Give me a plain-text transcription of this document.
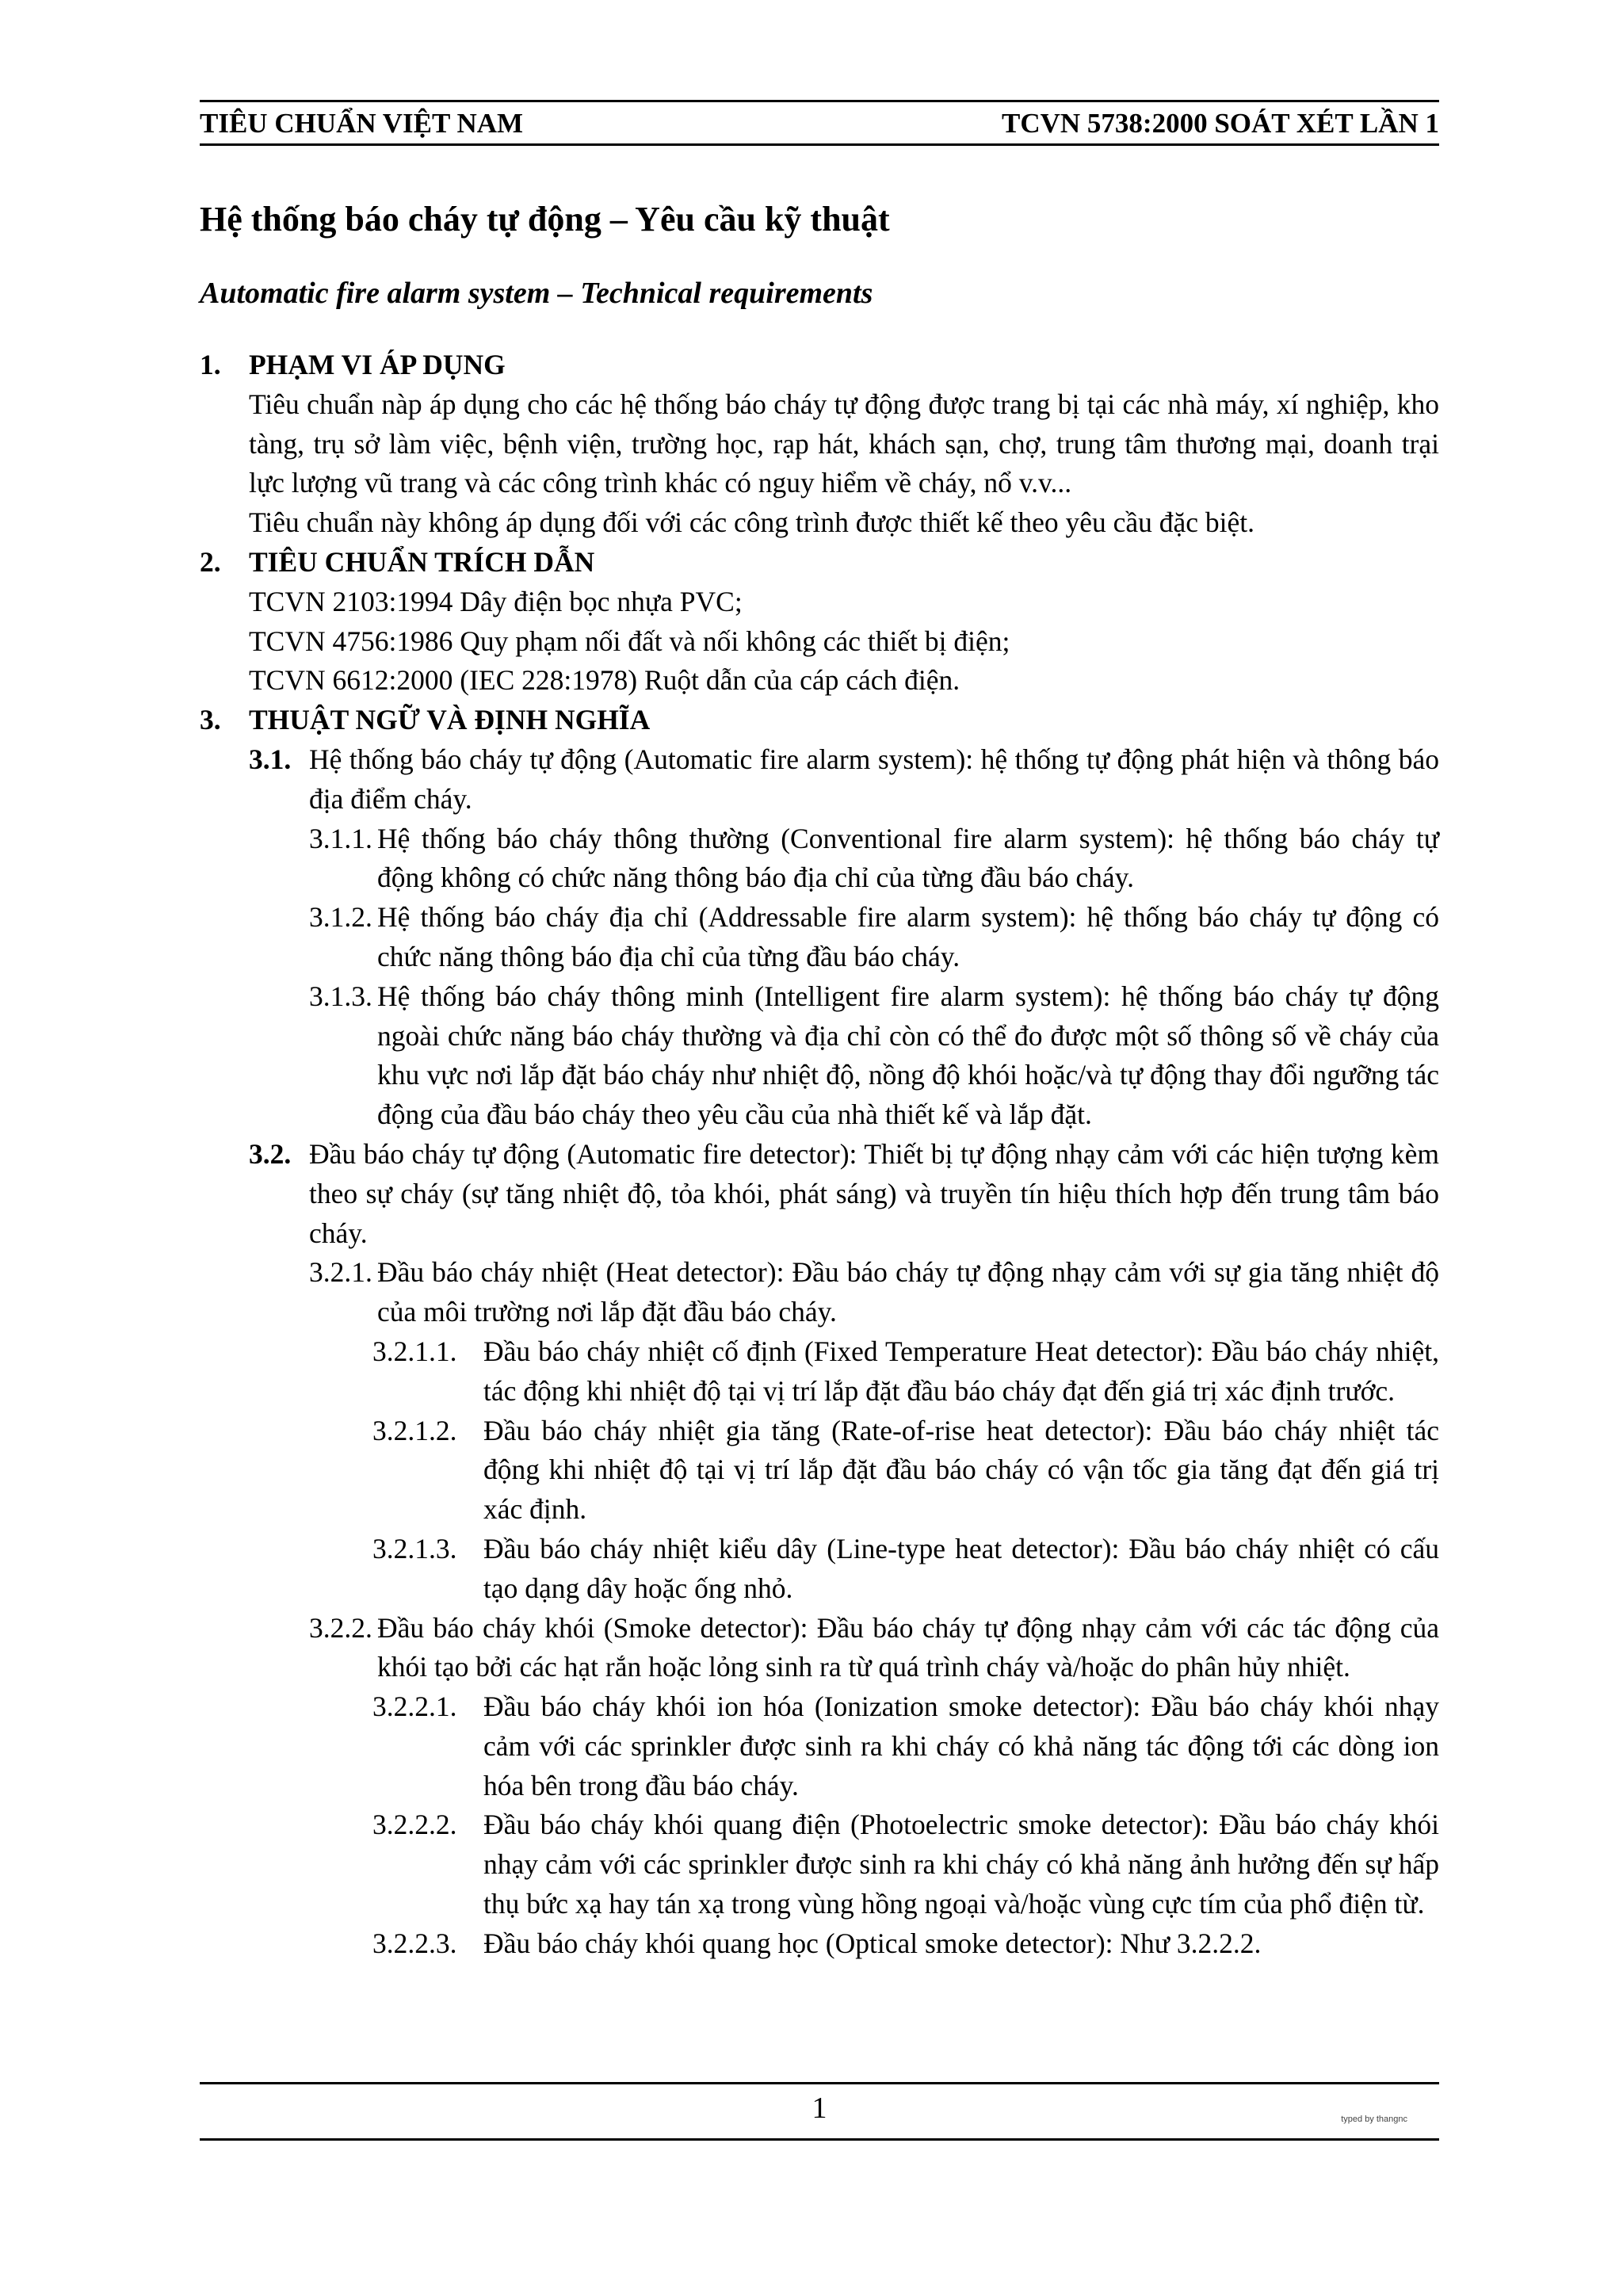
TIÊU CHUẨN VIỆT NAM	TCVN 5738:2000 SOÁT XÉT LẦN 1
Hệ thống báo cháy tự động – Yêu cầu kỹ thuật
Automatic fire alarm system – Technical requirements
1. PHẠM VI ÁP DỤNG
Tiêu chuẩn nàp áp dụng cho các hệ thống báo cháy tự động được trang bị tại các nhà máy, xí nghiệp, kho tàng, trụ sở làm việc, bệnh viện, trường học, rạp hát, khách sạn, chợ, trung tâm thương mại, doanh trại lực lượng vũ trang và các công trình khác có nguy hiểm về cháy, nổ v.v...
Tiêu chuẩn này không áp dụng đối với các công trình được thiết kế theo yêu cầu đặc biệt.
2. TIÊU CHUẨN TRÍCH DẪN
TCVN 2103:1994 Dây điện bọc nhựa PVC;
TCVN 4756:1986 Quy phạm nối đất và nối không các thiết bị điện;
TCVN 6612:2000 (IEC 228:1978) Ruột dẫn của cáp cách điện.
3. THUẬT NGỮ VÀ ĐỊNH NGHĨA
3.1. Hệ thống báo cháy tự động (Automatic fire alarm system): hệ thống tự động phát hiện và thông báo địa điểm cháy.
3.1.1. Hệ thống báo cháy thông thường (Conventional fire alarm system): hệ thống báo cháy tự động không có chức năng thông báo địa chỉ của từng đầu báo cháy.
3.1.2. Hệ thống báo cháy địa chỉ (Addressable fire alarm system): hệ thống báo cháy tự động có chức năng thông báo địa chỉ của từng đầu báo cháy.
3.1.3. Hệ thống báo cháy thông minh (Intelligent fire alarm system): hệ thống báo cháy tự động ngoài chức năng báo cháy thường và địa chỉ còn có thể đo được một số thông số về cháy của khu vực nơi lắp đặt báo cháy như nhiệt độ, nồng độ khói hoặc/và tự động thay đổi ngưỡng tác động của đầu báo cháy theo yêu cầu của nhà thiết kế và lắp đặt.
3.2. Đầu báo cháy tự động (Automatic fire detector): Thiết bị tự động nhạy cảm với các hiện tượng kèm theo sự cháy (sự tăng nhiệt độ, tỏa khói, phát sáng) và truyền tín hiệu thích hợp đến trung tâm báo cháy.
3.2.1. Đầu báo cháy nhiệt (Heat detector): Đầu báo cháy tự động nhạy cảm với sự gia tăng nhiệt độ của môi trường nơi lắp đặt đầu báo cháy.
3.2.1.1. Đầu báo cháy nhiệt cố định (Fixed Temperature Heat detector): Đầu báo cháy nhiệt, tác động khi nhiệt độ tại vị trí lắp đặt đầu báo cháy đạt đến giá trị xác định trước.
3.2.1.2. Đầu báo cháy nhiệt gia tăng (Rate-of-rise heat detector): Đầu báo cháy nhiệt tác động khi nhiệt độ tại vị trí lắp đặt đầu báo cháy có vận tốc gia tăng đạt đến giá trị xác định.
3.2.1.3. Đầu báo cháy nhiệt kiểu dây (Line-type heat detector): Đầu báo cháy nhiệt có cấu tạo dạng dây hoặc ống nhỏ.
3.2.2. Đầu báo cháy khói (Smoke detector): Đầu báo cháy tự động nhạy cảm với các tác động của khói tạo bởi các hạt rắn hoặc lỏng sinh ra từ quá trình cháy và/hoặc do phân hủy nhiệt.
3.2.2.1. Đầu báo cháy khói ion hóa (Ionization smoke detector): Đầu báo cháy khói nhạy cảm với các sprinkler được sinh ra khi cháy có khả năng tác động tới các dòng ion hóa bên trong đầu báo cháy.
3.2.2.2. Đầu báo cháy khói quang điện (Photoelectric smoke detector): Đầu báo cháy khói nhạy cảm với các sprinkler được sinh ra khi cháy có khả năng ảnh hưởng đến sự hấp thụ bức xạ hay tán xạ trong vùng hồng ngoại và/hoặc vùng cực tím của phổ điện từ.
3.2.2.3. Đầu báo cháy khói quang học (Optical smoke detector): Như 3.2.2.2.
1	typed by thangnc
